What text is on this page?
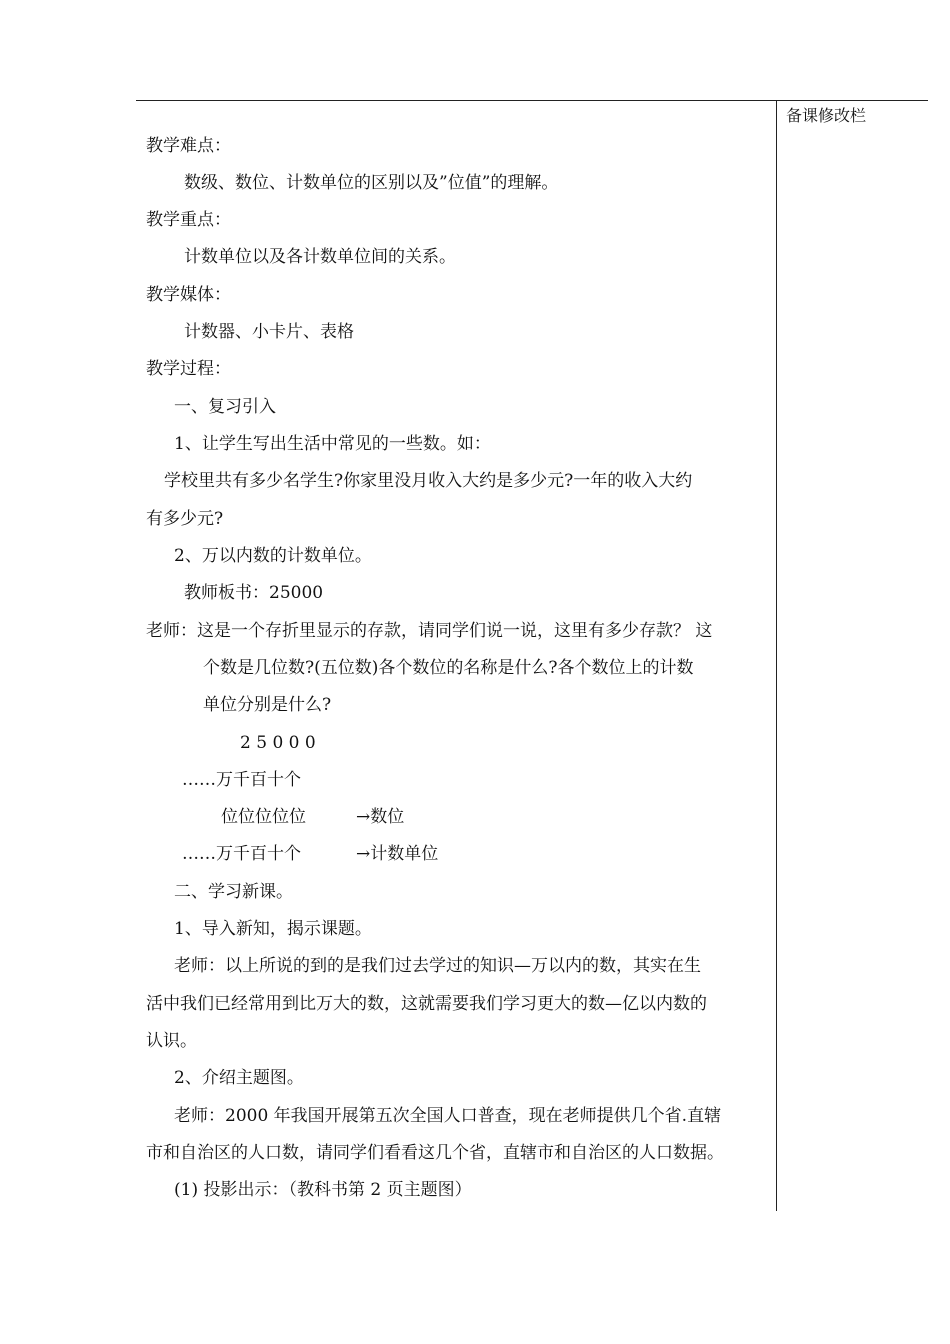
备课修改栏
教学难点：
数级、数位、计数单位的区别以及”位值”的理解。
教学重点：
计数单位以及各计数单位间的关系。
教学媒体：
计数器、小卡片、表格
教学过程：
一、复习引入
1、让学生写出生活中常见的一些数。如：
学校里共有多少名学生?你家里没月收入大约是多少元?一年的收入大约
有多少元?
2、万以内数的计数单位。
教师板书：25000
老师：这是一个存折里显示的存款，请同学们说一说，这里有多少存款？ 这
个数是几位数?(五位数)各个数位的名称是什么?各个数位上的计数
单位分别是什么?
2 5 0 0 0
……万千百十个
位位位位位	→数位
……万千百十个	→计数单位
二、学习新课。
1、导入新知，揭示课题。
老师：以上所说的到的是我们过去学过的知识—万以内的数，其实在生
活中我们已经常用到比万大的数，这就需要我们学习更大的数—亿以内数的
认识。
2、介绍主题图。
老师：2000 年我国开展第五次全国人口普查，现在老师提供几个省.直辖
市和自治区的人口数，请同学们看看这几个省，直辖市和自治区的人口数据。
(1) 投影出示：（教科书第 2 页主题图）
